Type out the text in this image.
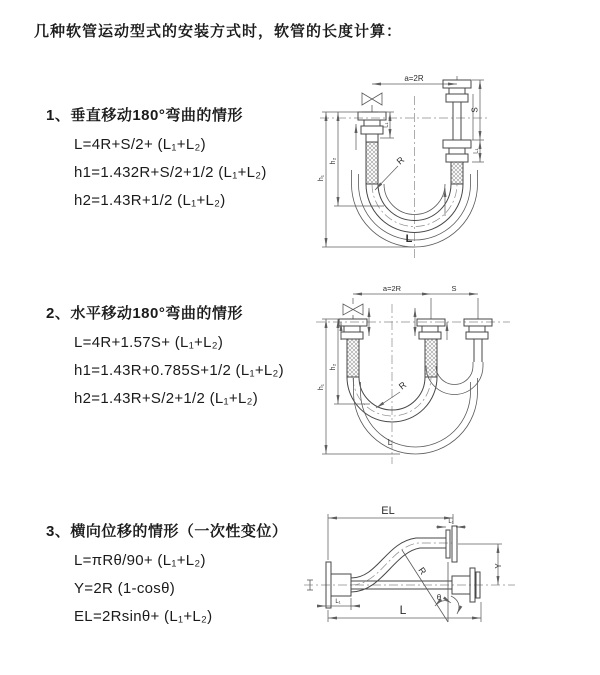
几种软管运动型式的安装方式时，软管的长度计算：
1、垂直移动180°弯曲的情形
L=4R+S/2+ (L₁+L₂)
h1=1.432R+S/2+1/2 (L₁+L₂)
h2=1.43R+1/2 (L₁+L₂)
2、水平移动180°弯曲的情形
L=4R+1.57S+ (L₁+L₂)
h1=1.43R+0.785S+1/2 (L₁+L₂)
h2=1.43R+S/2+1/2 (L₁+L₂)
3、横向位移的情形（一次性变位）
L=πRθ/90+ (L₁+L₂)
Y=2R (1-cosθ)
EL=2Rsinθ+ (L₁+L₂)
a=2R
R
S
L₁
L₁
h₁
h₂
L
a=2R	S
R
h₁
h₂
L
EL
L₁
R
θ
Y
L₁
L
